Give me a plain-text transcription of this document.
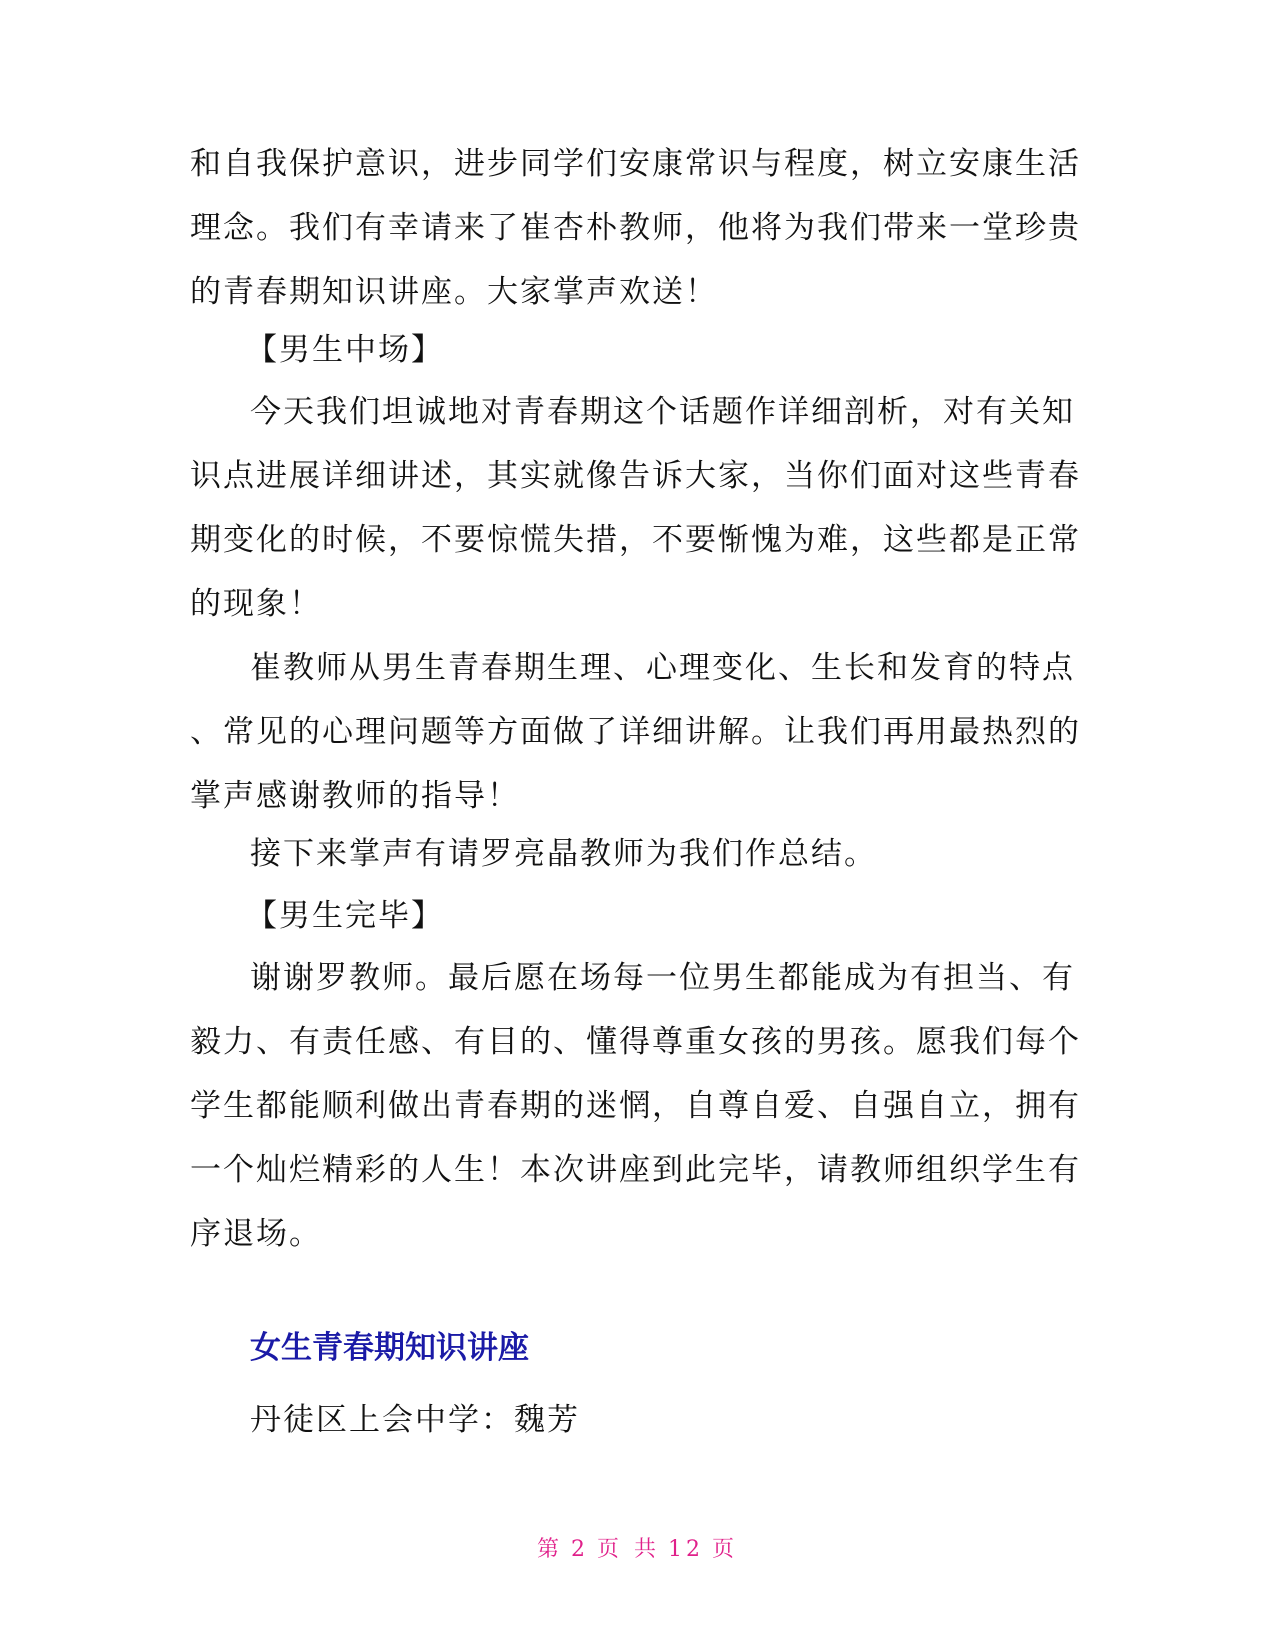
和自我保护意识，进步同学们安康常识与程度，树立安康生活
理念。我们有幸请来了崔杏朴教师，他将为我们带来一堂珍贵
的青春期知识讲座。大家掌声欢送！
【男生中场】
今天我们坦诚地对青春期这个话题作详细剖析，对有关知
识点进展详细讲述，其实就像告诉大家，当你们面对这些青春
期变化的时候，不要惊慌失措，不要惭愧为难，这些都是正常
的现象！
崔教师从男生青春期生理、心理变化、生长和发育的特点
、常见的心理问题等方面做了详细讲解。让我们再用最热烈的
掌声感谢教师的指导！
接下来掌声有请罗亮晶教师为我们作总结。
【男生完毕】
谢谢罗教师。最后愿在场每一位男生都能成为有担当、有
毅力、有责任感、有目的、懂得尊重女孩的男孩。愿我们每个
学生都能顺利做出青春期的迷惘，自尊自爱、自强自立，拥有
一个灿烂精彩的人生！本次讲座到此完毕，请教师组织学生有
序退场。
女生青春期知识讲座
丹徒区上会中学：魏芳
第 2 页 共 12 页
